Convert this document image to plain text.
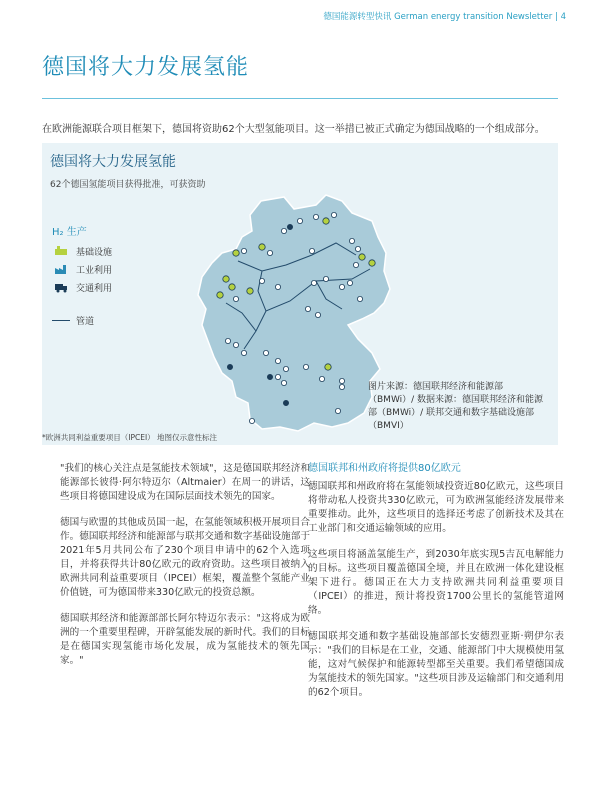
德国能源转型快讯 German energy transition Newsletter | 4
德国将大力发展氢能
在欧洲能源联合项目框架下，德国将资助62个大型氢能项目。这一举措已被正式确定为德国战略的一个组成部分。
德国将大力发展氢能
62个德国氢能项目获得批准，可获资助
H₂ 生产
基础设施
工业利用
交通利用
管道
图片来源：德国联邦经济和能源部（BMWi）/ 数据来源：德国联邦经济和能源部（BMWi）/ 联邦交通和数字基础设施部（BMVI）
*欧洲共同利益重要项目（IPCEI） 地图仅示意性标注

"我们的核心关注点是氢能技术领域"，这是德国联邦经济和能源部长彼得·阿尔特迈尔（Altmaier）在周一的讲话，这些项目将德国建设成为在国际层面技术领先的国家。

德国与欧盟的其他成员国一起，在氢能领域积极开展项目合作。德国联邦经济和能源部与联邦交通和数字基础设施部于2021年5月共同公布了230个项目申请中的62个入选项目，并将获得共计80亿欧元的政府资助。这些项目被纳入欧洲共同利益重要项目（IPCEI）框架，覆盖整个氢能产业价值链，可为德国带来330亿欧元的投资总额。

德国联邦经济和能源部部长阿尔特迈尔表示："这将成为欧洲的一个重要里程碑，开辟氢能发展的新时代。我们的目标是在德国实现氢能市场化发展，成为氢能技术的领先国家。"

德国联邦和州政府将提供80亿欧元

德国联邦和州政府将在氢能领域投资近80亿欧元，这些项目将带动私人投资共330亿欧元，可为欧洲氢能经济发展带来重要推动。此外，这些项目的选择还考虑了创新技术及其在工业部门和交通运输领域的应用。

这些项目将涵盖氢能生产，到2030年底实现5吉瓦电解能力的目标。这些项目覆盖德国全境，并且在欧洲一体化建设框架下进行。德国正在大力支持欧洲共同利益重要项目（IPCEI）的推进，预计将投资1700公里长的氢能管道网络。

德国联邦交通和数字基础设施部部长安德烈亚斯·朔伊尔表示："我们的目标是在工业，交通、能源部门中大规模使用氢能，这对气候保护和能源转型都至关重要。我们希望德国成为氢能技术的领先国家。"这些项目涉及运输部门和交通利用的62个项目。
